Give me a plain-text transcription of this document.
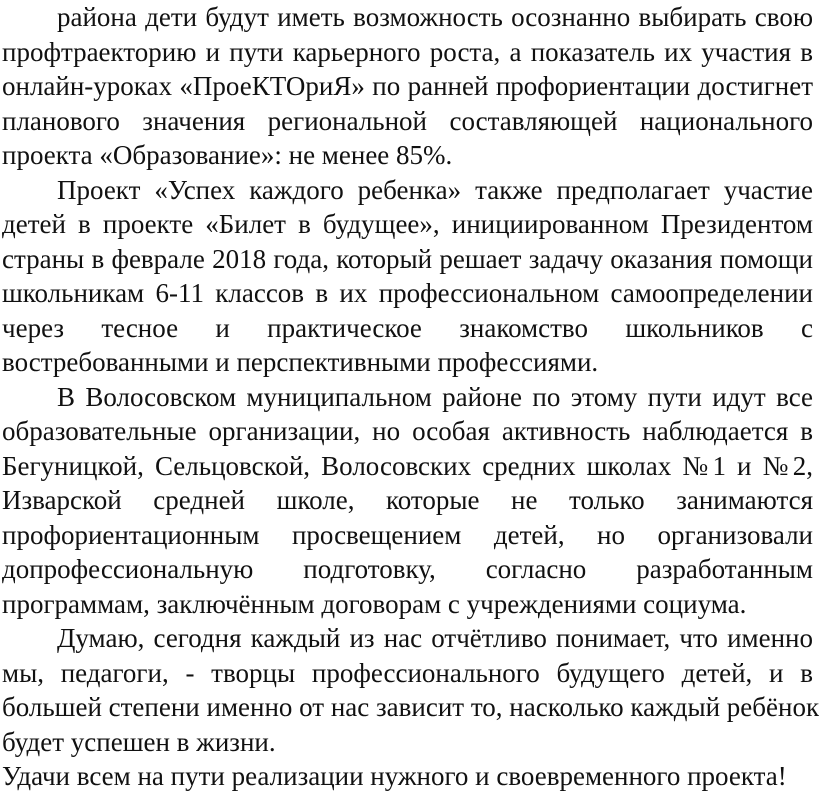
района дети будут иметь возможность осознанно выбирать свою
профтраекторию и пути карьерного роста, а показатель их участия в
онлайн-уроках «ПроеКТОриЯ» по ранней профориентации достигнет
планового значения региональной составляющей национального
проекта «Образование»: не менее 85%.
Проект «Успех каждого ребенка» также предполагает участие
детей в проекте «Билет в будущее», инициированном Президентом
страны в феврале 2018 года, который решает задачу оказания помощи
школьникам 6-11 классов в их профессиональном самоопределении
через тесное и практическое знакомство школьников с
востребованными и перспективными профессиями.
В Волосовском муниципальном районе по этому пути идут все
образовательные организации, но особая активность наблюдается в
Бегуницкой, Сельцовской, Волосовских средних школах №1 и №2,
Изварской средней школе, которые не только занимаются
профориентационным просвещением детей, но организовали
допрофессиональную подготовку, согласно разработанным
программам, заключённым договорам с учреждениями социума.
Думаю, сегодня каждый из нас отчётливо понимает, что именно
мы, педагоги, - творцы профессионального будущего детей, и в
большей степени именно от нас зависит то, насколько каждый ребёнок
будет успешен в жизни.
Удачи всем на пути реализации нужного и своевременного проекта!
